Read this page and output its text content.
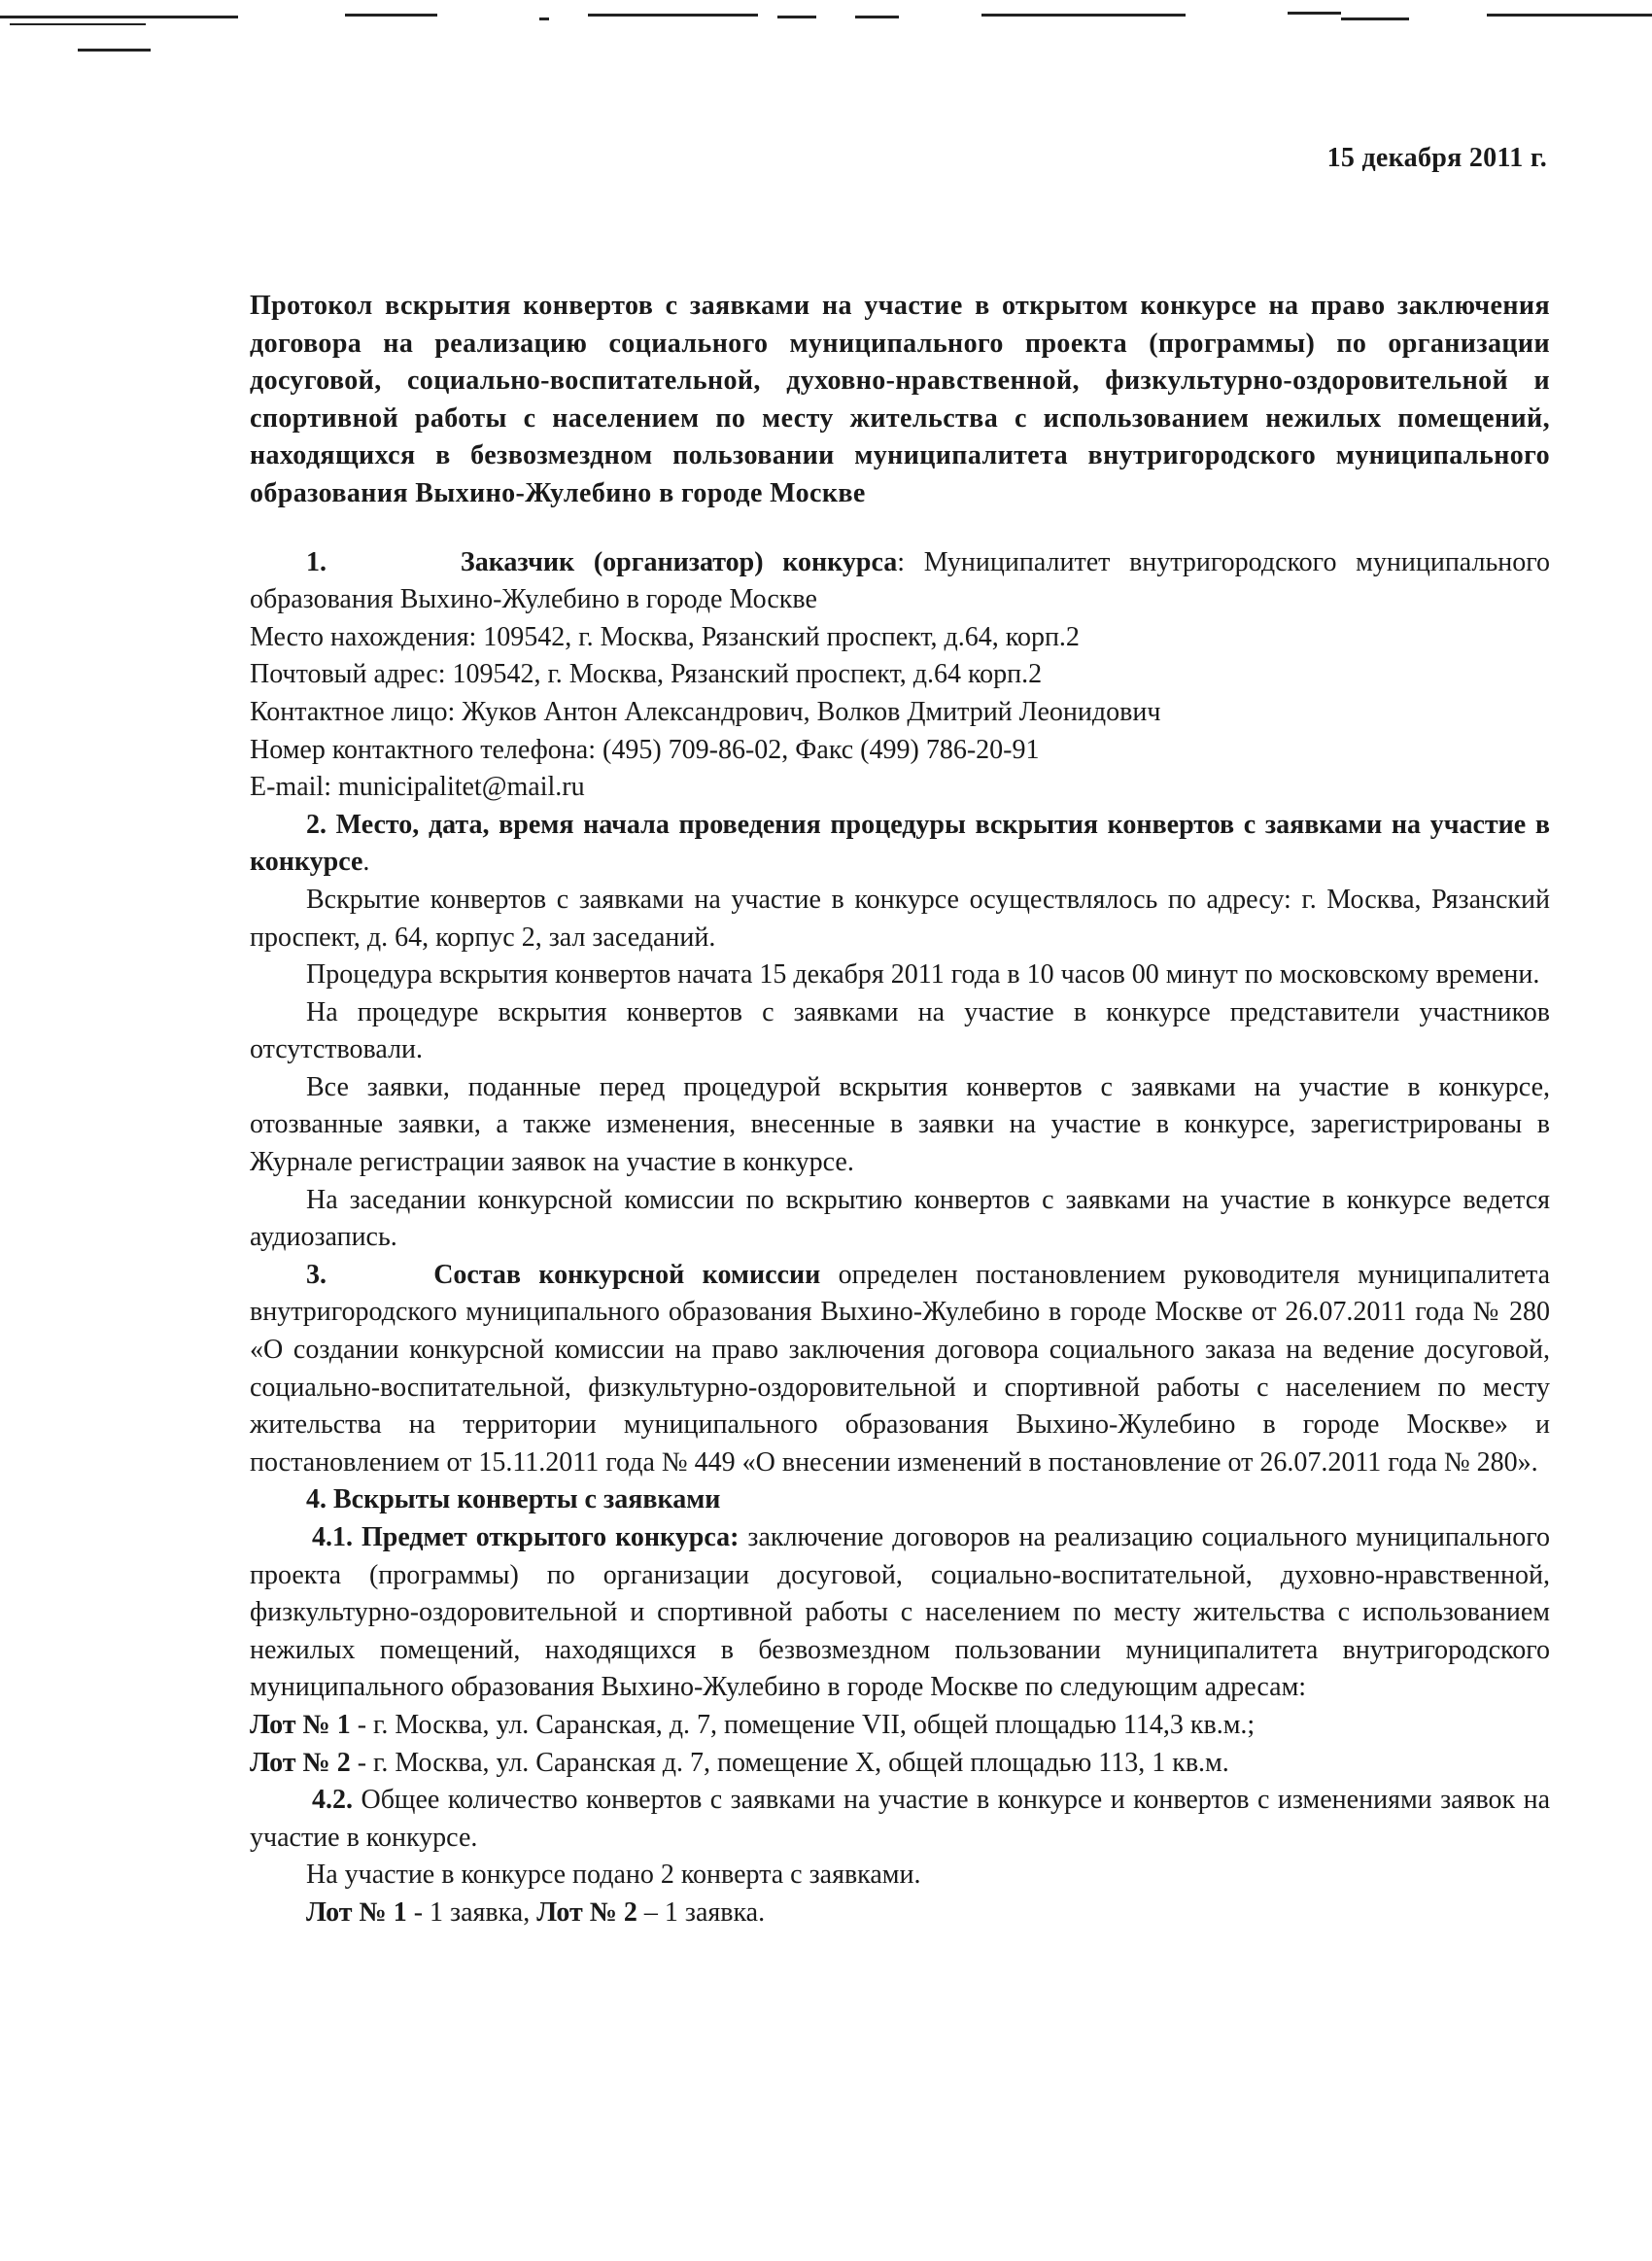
15 декабря 2011 г.

Протокол вскрытия конвертов с заявками на участие в открытом конкурсе на право заключения договора на реализацию социального муниципального проекта (программы) по организации досуговой, социально-воспитательной, духовно-нравственной, физкультурно-оздоровительной и спортивной работы с населением по месту жительства с использованием нежилых помещений, находящихся в безвозмездном пользовании муниципалитета внутригородского муниципального образования Выхино-Жулебино в городе Москве

1.	Заказчик (организатор) конкурса: Муниципалитет внутригородского муниципального образования Выхино-Жулебино в городе Москве

Место нахождения: 109542, г. Москва, Рязанский проспект, д.64, корп.2

Почтовый адрес: 109542, г. Москва, Рязанский проспект, д.64 корп.2

Контактное лицо: Жуков Антон Александрович, Волков Дмитрий Леонидович

Номер контактного телефона: (495) 709-86-02, Факс (499) 786-20-91

E-mail: municipalitet@mail.ru

2. Место, дата, время начала проведения процедуры вскрытия конвертов с заявками на участие в конкурсе.

Вскрытие конвертов с заявками на участие в конкурсе осуществлялось по адресу: г. Москва, Рязанский проспект, д. 64, корпус 2, зал заседаний.

Процедура вскрытия конвертов начата 15 декабря 2011 года в 10 часов 00 минут по московскому времени.

На процедуре вскрытия конвертов с заявками на участие в конкурсе представители участников отсутствовали.

Все заявки, поданные перед процедурой вскрытия конвертов с заявками на участие в конкурсе, отозванные заявки, а также изменения, внесенные в заявки на участие в конкурсе, зарегистрированы в Журнале регистрации заявок на участие в конкурсе.

На заседании конкурсной комиссии по вскрытию конвертов с заявками на участие в конкурсе ведется аудиозапись.

3.	Состав конкурсной комиссии определен постановлением руководителя муниципалитета внутригородского муниципального образования Выхино-Жулебино в городе Москве от 26.07.2011 года № 280 «О создании конкурсной комиссии на право заключения договора социального заказа на ведение досуговой, социально-воспитательной, физкультурно-оздоровительной и спортивной работы с населением по месту жительства на территории муниципального образования Выхино-Жулебино в городе Москве» и постановлением от 15.11.2011 года № 449 «О внесении изменений в постановление от 26.07.2011 года № 280».

4. Вскрыты конверты с заявками

4.1. Предмет открытого конкурса: заключение договоров на реализацию социального муниципального проекта (программы) по организации досуговой, социально-воспитательной, духовно-нравственной, физкультурно-оздоровительной и спортивной работы с населением по месту жительства с использованием нежилых помещений, находящихся в безвозмездном пользовании муниципалитета внутригородского муниципального образования Выхино-Жулебино в городе Москве по следующим адресам:

Лот № 1 - г. Москва, ул. Саранская, д. 7, помещение VII, общей площадью 114,3 кв.м.;

Лот № 2 - г. Москва, ул. Саранская д. 7, помещение X, общей площадью 113, 1 кв.м.

4.2. Общее количество конвертов с заявками на участие в конкурсе и конвертов с изменениями заявок на участие в конкурсе.

На участие в конкурсе подано 2 конверта с заявками.

Лот № 1 - 1 заявка, Лот № 2 – 1 заявка.
